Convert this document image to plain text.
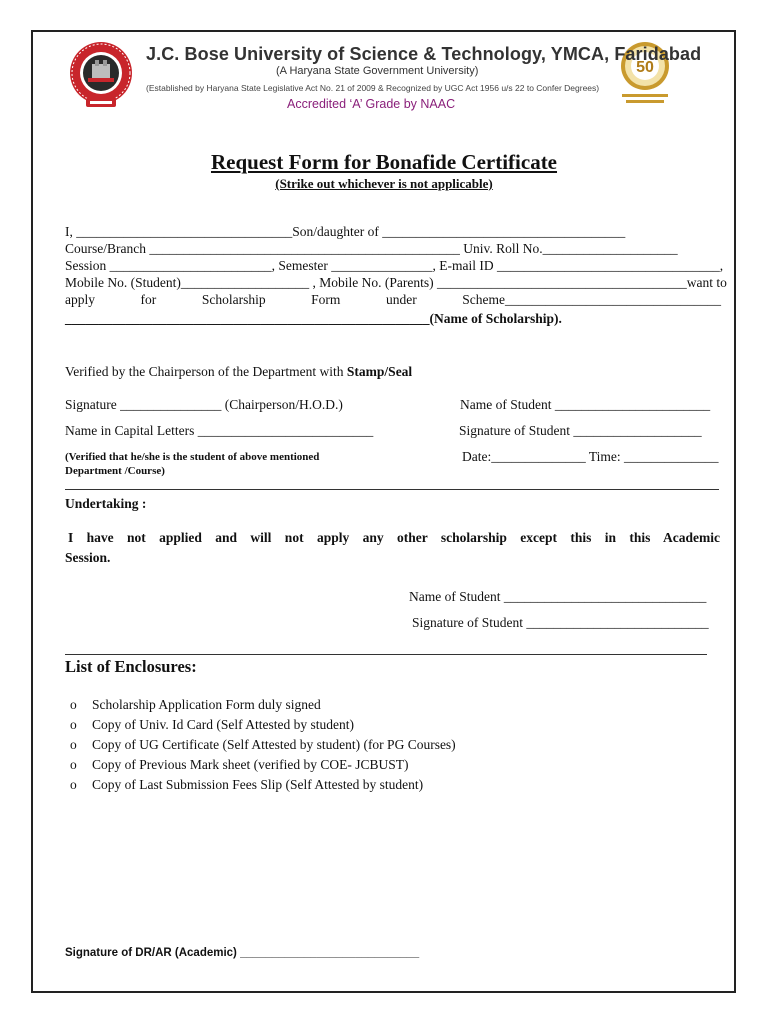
50
J.C. Bose University of Science & Technology, YMCA, Faridabad
(A Haryana State Government University)
(Established by Haryana State Legislative Act No. 21 of 2009 & Recognized by UGC Act 1956 u/s 22 to Confer Degrees)
Accredited ‘A’ Grade by NAAC
Request Form for Bonafide Certificate
(Strike out whichever is not applicable)
I, ________________________________Son/daughter of ____________________________________
Course/Branch ______________________________________________ Univ. Roll No.____________________
Session ________________________, Semester _______________, E-mail ID _________________________________,
Mobile No. (Student)___________________ , Mobile No. (Parents) _____________________________________want to
apply for Scholarship Form under Scheme________________________________
______________________________________________________(Name of Scholarship).
Verified by the Chairperson of the Department with Stamp/Seal
Signature _______________ (Chairperson/H.O.D.)	Name of Student _______________________
Name in Capital Letters __________________________	Signature of Student ___________________
(Verified that he/she is the student of above mentioned
Department /Course)
Date:______________ Time: ______________
Undertaking :
I have not applied and will not apply any other scholarship except this in this Academic
Session.
Name of Student ______________________________
Signature of Student ___________________________
List of Enclosures:
o Scholarship Application Form duly signed
o Copy of Univ. Id Card (Self Attested by student)
o Copy of UG Certificate (Self Attested by student) (for PG Courses)
o Copy of Previous Mark sheet (verified by COE- JCBUST)
o Copy of Last Submission Fees Slip (Self Attested by student)
Signature of DR/AR (Academic) ____________________________
